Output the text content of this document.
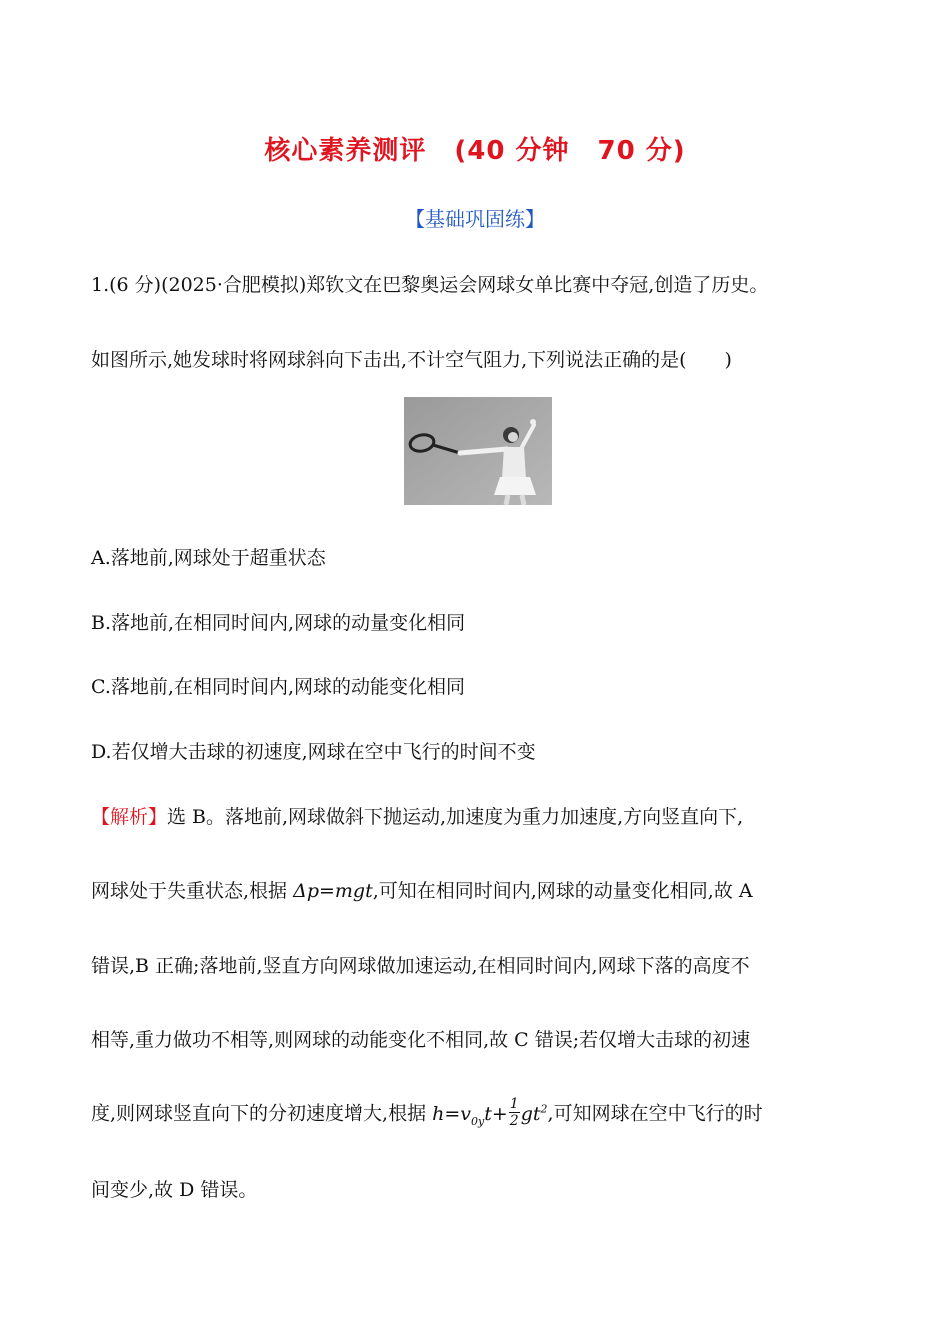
核心素养测评 (40 分钟 70 分)
【基础巩固练】
1.(6 分)(2025·合肥模拟)郑钦文在巴黎奥运会网球女单比赛中夺冠,创造了历史。
如图所示,她发球时将网球斜向下击出,不计空气阻力,下列说法正确的是( )
A.落地前,网球处于超重状态
B.落地前,在相同时间内,网球的动量变化相同
C.落地前,在相同时间内,网球的动能变化相同
D.若仅增大击球的初速度,网球在空中飞行的时间不变
【解析】选 B。落地前,网球做斜下抛运动,加速度为重力加速度,方向竖直向下,
网球处于失重状态,根据 Δp=mgt,可知在相同时间内,网球的动量变化相同,故 A
错误,B 正确;落地前,竖直方向网球做加速运动,在相同时间内,网球下落的高度不
相等,重力做功不相等,则网球的动能变化不相同,故 C 错误;若仅增大击球的初速
度,则网球竖直向下的分初速度增大,根据 $h=v_{0y}t+ \frac{1}{2} gt^2$,可知网球在空中飞行的时
间变少,故 D 错误。
